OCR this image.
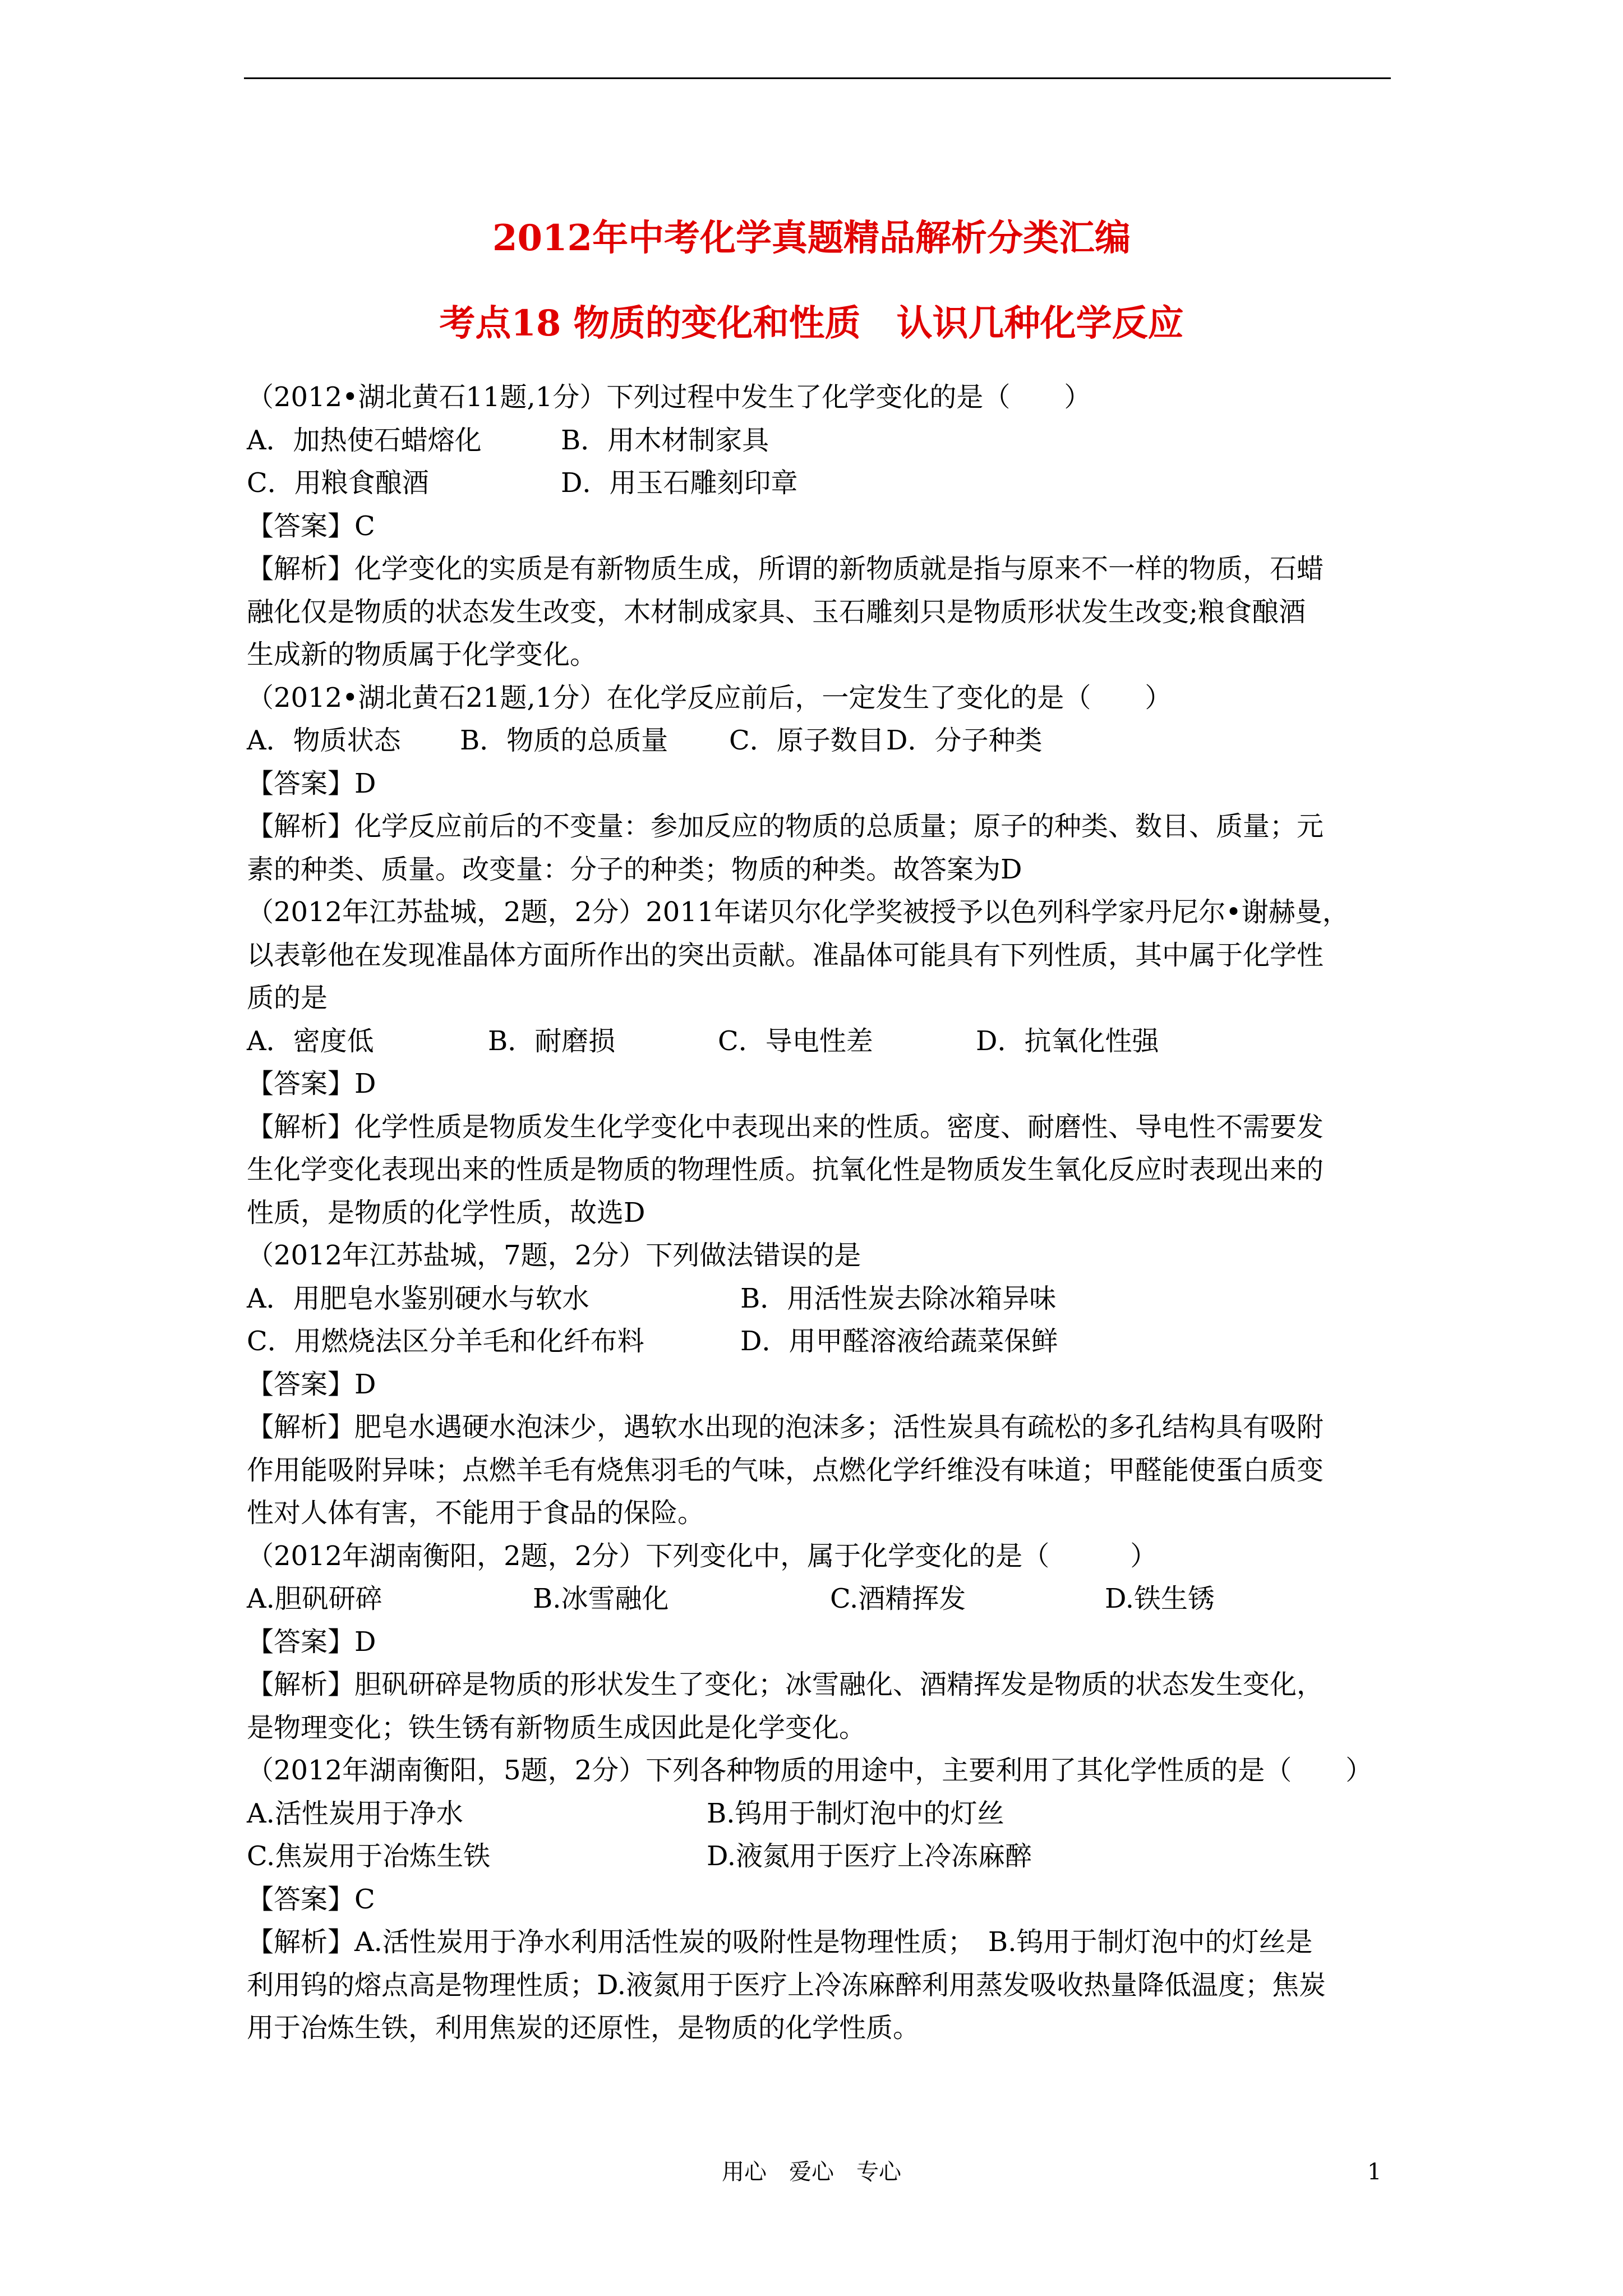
2012年中考化学真题精品解析分类汇编
考点18 物质的变化和性质　认识几种化学反应
（2012•湖北黄石11题,1分）下列过程中发生了化学变化的是（　　）
A．加热使石蜡熔化	B．用木材制家具
C．用粮食酿酒	D．用玉石雕刻印章
【答案】C
【解析】化学变化的实质是有新物质生成，所谓的新物质就是指与原来不一样的物质，石蜡
融化仅是物质的状态发生改变，木材制成家具、玉石雕刻只是物质形状发生改变;粮食酿酒
生成新的物质属于化学变化。
（2012•湖北黄石21题,1分）在化学反应前后，一定发生了变化的是（　　）
A．物质状态 B．物质的总质量 C．原子数目D．分子种类
【答案】D
【解析】化学反应前后的不变量：参加反应的物质的总质量；原子的种类、数目、质量；元
素的种类、质量。改变量：分子的种类；物质的种类。故答案为D
（2012年江苏盐城，2题，2分）2011年诺贝尔化学奖被授予以色列科学家丹尼尔•谢赫曼，
以表彰他在发现准晶体方面所作出的突出贡献。准晶体可能具有下列性质，其中属于化学性
质的是
A．密度低	B．耐磨损	C．导电性差	D．抗氧化性强
【答案】D
【解析】化学性质是物质发生化学变化中表现出来的性质。密度、耐磨性、导电性不需要发
生化学变化表现出来的性质是物质的物理性质。抗氧化性是物质发生氧化反应时表现出来的
性质，是物质的化学性质，故选D
（2012年江苏盐城，7题，2分）下列做法错误的是
A．用肥皂水鉴别硬水与软水	B．用活性炭去除冰箱异味
C．用燃烧法区分羊毛和化纤布料	D．用甲醛溶液给蔬菜保鲜
【答案】D
【解析】肥皂水遇硬水泡沫少，遇软水出现的泡沫多；活性炭具有疏松的多孔结构具有吸附
作用能吸附异味；点燃羊毛有烧焦羽毛的气味，点燃化学纤维没有味道；甲醛能使蛋白质变
性对人体有害，不能用于食品的保险。
（2012年湖南衡阳，2题，2分）下列变化中，属于化学变化的是（　　　）
A.胆矾研碎	B.冰雪融化	C.酒精挥发	D.铁生锈
【答案】D
【解析】胆矾研碎是物质的形状发生了变化；冰雪融化、酒精挥发是物质的状态发生变化，
是物理变化；铁生锈有新物质生成因此是化学变化。
（2012年湖南衡阳，5题，2分）下列各种物质的用途中，主要利用了其化学性质的是（　　）
A.活性炭用于净水	B.钨用于制灯泡中的灯丝
C.焦炭用于冶炼生铁	D.液氮用于医疗上冷冻麻醉
【答案】C
【解析】A.活性炭用于净水利用活性炭的吸附性是物理性质；　B.钨用于制灯泡中的灯丝是
利用钨的熔点高是物理性质；D.液氮用于医疗上冷冻麻醉利用蒸发吸收热量降低温度；焦炭
用于冶炼生铁，利用焦炭的还原性，是物质的化学性质。
用心　爱心　专心	1
